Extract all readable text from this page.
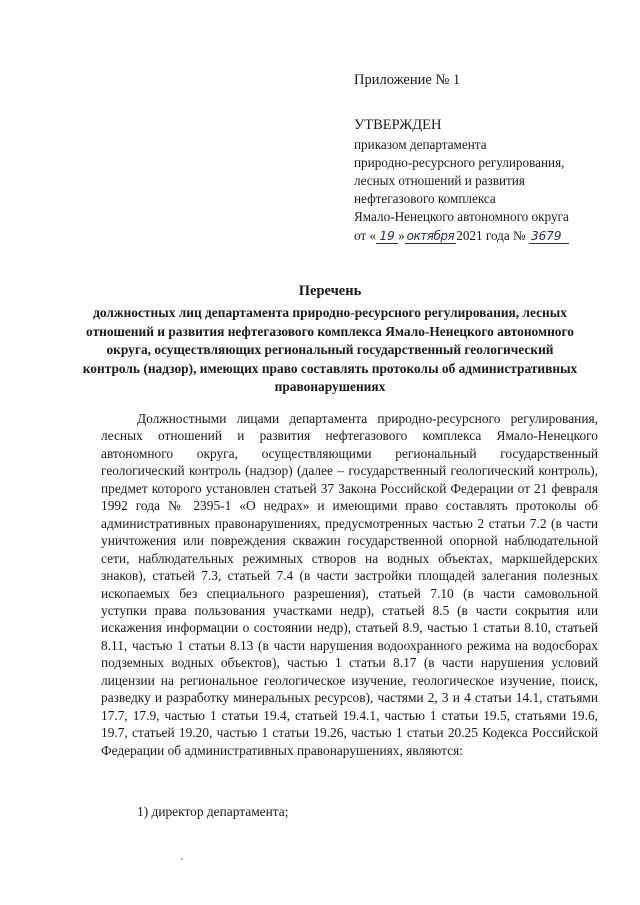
Приложение № 1
УТВЕРЖДЕН
приказом департамента
природно-ресурсного регулирования,
лесных отношений и развития
нефтегазового комплекса
Ямало-Ненецкого автономного округа
от « 19 » октября 2021 года № 3679
Перечень
должностных лиц департамента природно-ресурсного регулирования, лесных отношений и развития нефтегазового комплекса Ямало-Ненецкого автономного округа, осуществляющих региональный государственный геологический контроль (надзор), имеющих право составлять протоколы об административных правонарушениях
Должностными лицами департамента природно-ресурсного регулирования, лесных отношений и развития нефтегазового комплекса Ямало-Ненецкого автономного округа, осуществляющими региональный государственный геологический контроль (надзор) (далее – государственный геологический контроль), предмет которого установлен статьей 37 Закона Российской Федерации от 21 февраля 1992 года № 2395-1 «О недрах» и имеющими право составлять протоколы об административных правонарушениях, предусмотренных частью 2 статьи 7.2 (в части уничтожения или повреждения скважин государственной опорной наблюдательной сети, наблюдательных режимных створов на водных объектах, маркшейдерских знаков), статьей 7.3, статьей 7.4 (в части застройки площадей залегания полезных ископаемых без специального разрешения), статьей 7.10 (в части самовольной уступки права пользования участками недр), статьей 8.5 (в части сокрытия или искажения информации о состоянии недр), статьей 8.9, частью 1 статьи 8.10, статьей 8.11, частью 1 статьи 8.13 (в части нарушения водоохранного режима на водосборах подземных водных объектов), частью 1 статьи 8.17 (в части нарушения условий лицензии на региональное геологическое изучение, геологическое изучение, поиск, разведку и разработку минеральных ресурсов), частями 2, 3 и 4 статьи 14.1, статьями 17.7, 17.9, частью 1 статьи 19.4, статьей 19.4.1, частью 1 статьи 19.5, статьями 19.6, 19.7, статьей 19.20, частью 1 статьи 19.26, частью 1 статьи 20.25 Кодекса Российской Федерации об административных правонарушениях, являются:
1) директор департамента;
